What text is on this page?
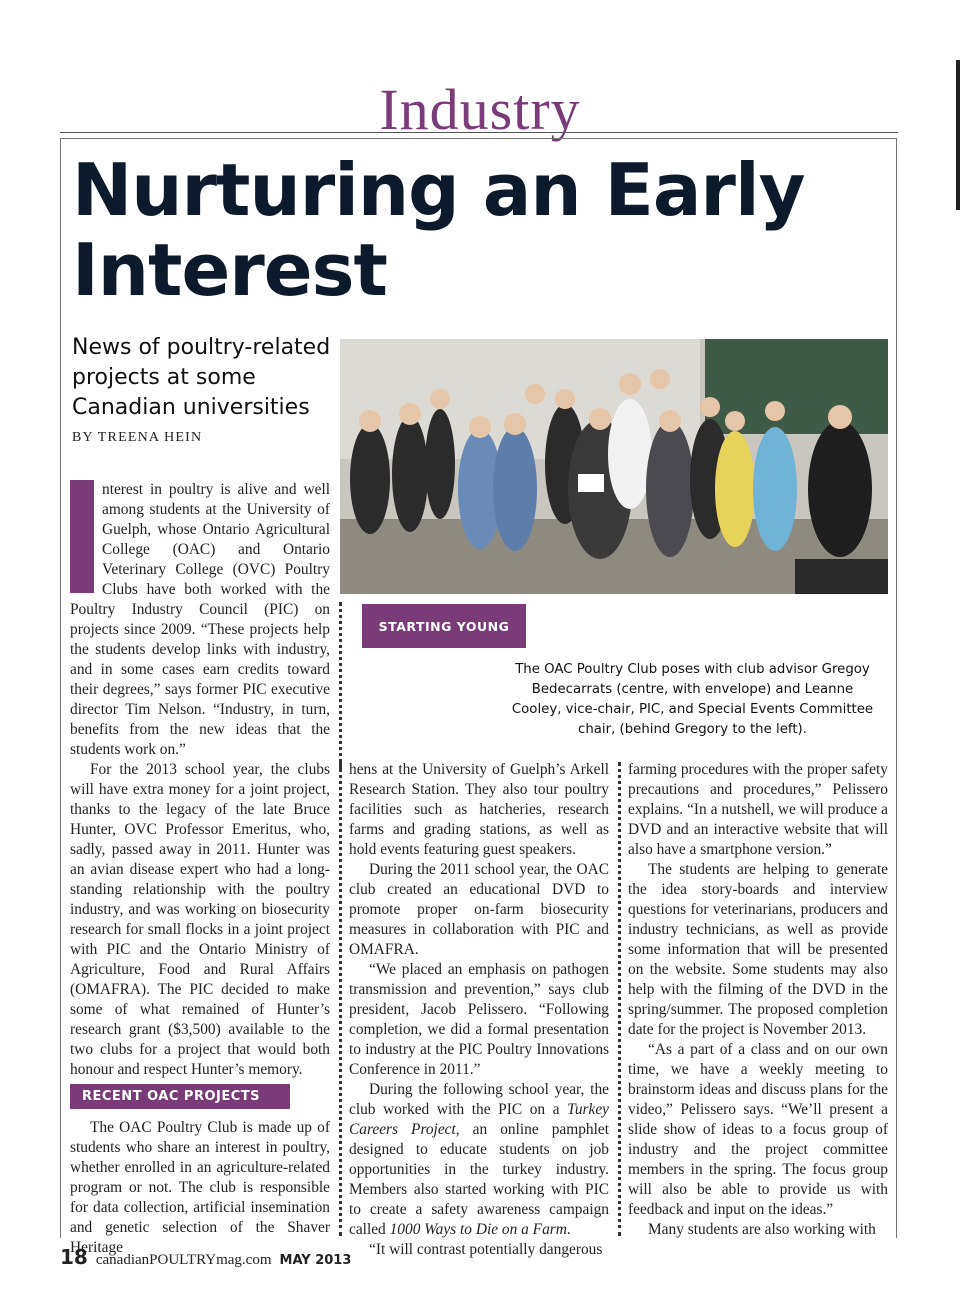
Industry
Nurturing an Early Interest
News of poultry-related projects at some Canadian universities
BY TREENA HEIN
STARTING YOUNG
The OAC Poultry Club poses with club advisor Gregoy Bedecarrats (centre, with envelope) and Leanne Cooley, vice-chair, PIC, and Special Events Committee chair, (behind Gregory to the left).
I

nterest in poultry is alive and well among students at the University of Guelph, whose Ontario Agricultural College (OAC) and Ontario Veterinary College (OVC) Poultry Clubs have both worked with the Poultry Industry Council (PIC) on projects since 2009. “These projects help the students develop links with industry, and in some cases earn credits toward their degrees,” says former PIC executive director Tim Nelson. “Industry, in turn, benefits from the new ideas that the students work on.”

For the 2013 school year, the clubs will have extra money for a joint project, thanks to the legacy of the late Bruce Hunter, OVC Professor Emeritus, who, sadly, passed away in 2011. Hunter was an avian disease expert who had a long-standing relationship with the poultry industry, and was working on biosecurity research for small flocks in a joint project with PIC and the Ontario Ministry of Agriculture, Food and Rural Affairs (OMAFRA). The PIC decided to make some of what remained of Hunter’s research grant ($3,500) available to the two clubs for a project that would both honour and respect Hunter’s memory.

RECENT OAC PROJECTS

The OAC Poultry Club is made up of students who share an interest in poultry, whether enrolled in an agriculture-related program or not. The club is responsible for data collection, artificial insemination and genetic selection of the Shaver Heritage

hens at the University of Guelph’s Arkell Research Station. They also tour poultry facilities such as hatcheries, research farms and grading stations, as well as hold events featuring guest speakers.

During the 2011 school year, the OAC club created an educational DVD to promote proper on-farm biosecurity measures in collaboration with PIC and OMAFRA.

“We placed an emphasis on pathogen transmission and prevention,” says club president, Jacob Pelissero. “Following completion, we did a formal presentation to industry at the PIC Poultry Innovations Conference in 2011.”

During the following school year, the club worked with the PIC on a Turkey Careers Project, an online pamphlet designed to educate students on job opportunities in the turkey industry. Members also started working with PIC to create a safety awareness campaign called 1000 Ways to Die on a Farm.

“It will contrast potentially dangerous

farming procedures with the proper safety precautions and procedures,” Pelissero explains. “In a nutshell, we will produce a DVD and an interactive website that will also have a smartphone version.”

The students are helping to generate the idea story-boards and interview questions for veterinarians, producers and industry technicians, as well as provide some information that will be presented on the website. Some students may also help with the filming of the DVD in the spring/summer. The proposed completion date for the project is November 2013.

“As a part of a class and on our own time, we have a weekly meeting to brainstorm ideas and discuss plans for the video,” Pelissero says. “We’ll present a slide show of ideas to a focus group of industry and the project committee members in the spring. The focus group will also be able to provide us with feedback and input on the ideas.”

Many students are also working with

18 canadianPOULTRYmag.com MAY 2013
